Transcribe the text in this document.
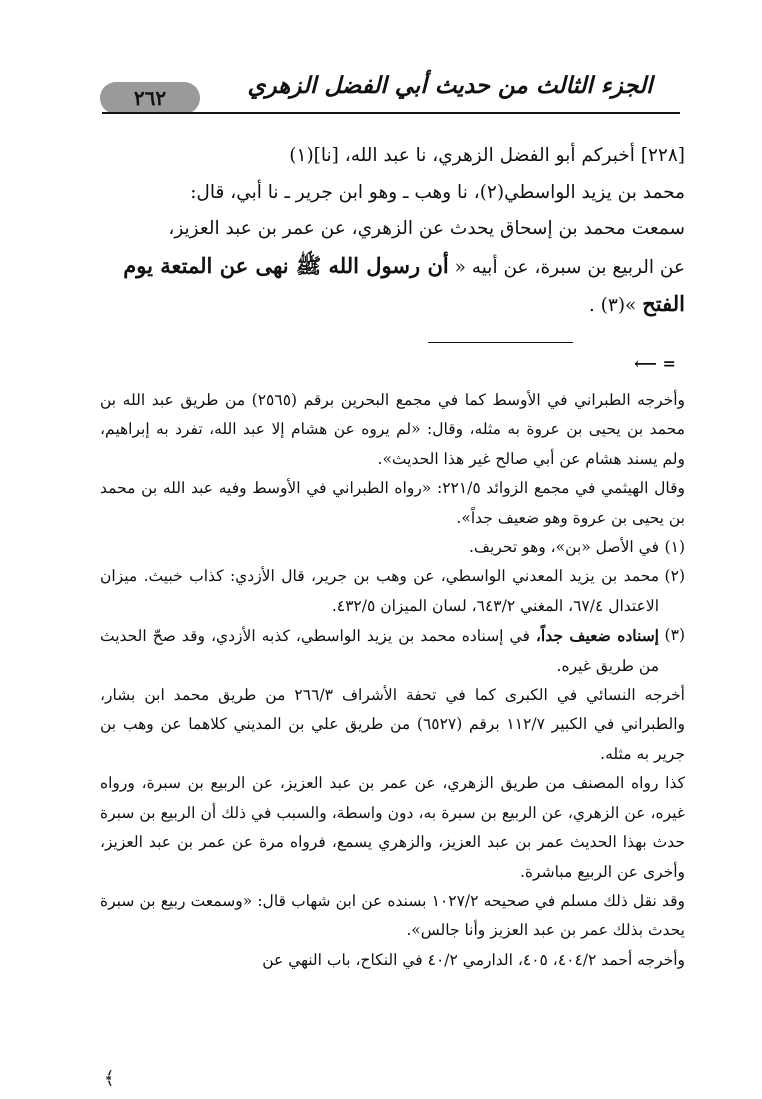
٢٦٢	الجزء الثالث من حديث أبي الفضل الزهري

[٢٢٨] أخبركم أبو الفضل الزهري، نا عبد الله، [نا](١)

محمد بن يزيد الواسطي(٢)، نا وهب ـ وهو ابن جرير ـ نا أبي، قال:

سمعت محمد بن إسحاق يحدث عن الزهري، عن عمر بن عبد العزيز،

عن الربيع بن سبرة، عن أبيه « أن رسول الله ﷺ نهى عن المتعة يوم

الفتح »(٣) .

= ⟵

وأخرجه الطبراني في الأوسط كما في مجمع البحرين برقم (٢٥٦٥) من طريق عبد الله بن محمد بن يحيى بن عروة به مثله، وقال: «لم يروه عن هشام إلا عبد الله، تفرد به إبراهيم، ولم يسند هشام عن أبي صالح غير هذا الحديث».

وقال الهيثمي في مجمع الزوائد ٢٢١/٥: «رواه الطبراني في الأوسط وفيه عبد الله بن محمد بن يحيى بن عروة وهو ضعيف جداً».

(١)
في الأصل «بن»، وهو تحريف.
(٢)
محمد بن يزيد المعدني الواسطي، عن وهب بن جرير، قال الأزدي: كذاب خبيث. ميزان الاعتدال ٦٧/٤، المغني ٦٤٣/٢، لسان الميزان ٤٣٢/٥.
(٣)
إسناده ضعيف جداً، في إسناده محمد بن يزيد الواسطي، كذبه الأزدي، وقد صحّ الحديث من طريق غيره.

أخرجه النسائي في الكبرى كما في تحفة الأشراف ٢٦٦/٣ من طريق محمد ابن بشار، والطبراني في الكبير ١١٢/٧ برقم (٦٥٢٧) من طريق علي بن المديني كلاهما عن وهب بن جرير به مثله.

كذا رواه المصنف من طريق الزهري، عن عمر بن عبد العزيز، عن الربيع بن سبرة، ورواه غيره، عن الزهري، عن الربيع بن سبرة به، دون واسطة، والسبب في ذلك أن الربيع بن سبرة حدث بهذا الحديث عمر بن عبد العزيز، والزهري يسمع، فرواه مرة عن عمر بن عبد العزيز، وأخرى عن الربيع مباشرة.

وقد نقل ذلك مسلم في صحيحه ١٠٢٧/٢ بسنده عن ابن شهاب قال: «وسمعت ربيع بن سبرة يحدث بذلك عمر بن عبد العزيز وأنا جالس».

وأخرجه أحمد ٤٠٤/٢، ٤٠٥، الدارمي ٤٠/٢ في النكاح، باب النهي عن

﴾
